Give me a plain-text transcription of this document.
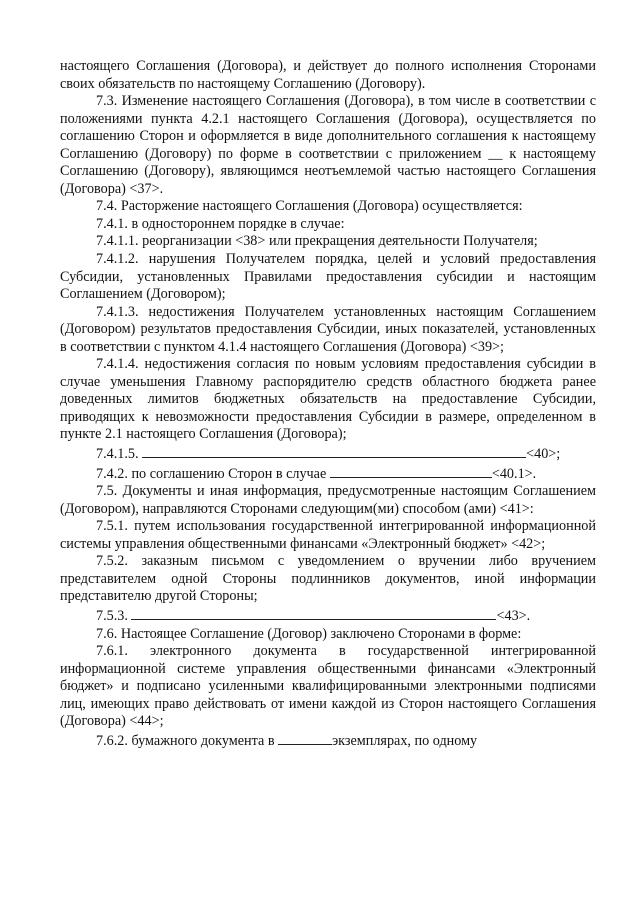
настоящего Соглашения (Договора), и действует до полного исполнения Сторонами своих обязательств по настоящему Соглашению (Договору).

7.3. Изменение настоящего Соглашения (Договора), в том числе в соответствии с положениями пункта 4.2.1 настоящего Соглашения (Договора), осуществляется по соглашению Сторон и оформляется в виде дополнительного соглашения к настоящему Соглашению (Договору) по форме в соответствии с приложением __ к настоящему Соглашению (Договору), являющимся неотъемлемой частью настоящего Соглашения (Договора) <37>.

7.4. Расторжение настоящего Соглашения (Договора) осуществляется:

7.4.1. в одностороннем порядке в случае:

7.4.1.1. реорганизации <38> или прекращения деятельности Получателя;

7.4.1.2. нарушения Получателем порядка, целей и условий предоставления Субсидии, установленных Правилами предоставления субсидии и настоящим Соглашением (Договором);

7.4.1.3. недостижения Получателем установленных настоящим Соглашением (Договором) результатов предоставления Субсидии, иных показателей, установленных в соответствии с пунктом 4.1.4 настоящего Соглашения (Договора) <39>;

7.4.1.4. недостижения согласия по новым условиям предоставления субсидии в случае уменьшения Главному распорядителю средств областного бюджета ранее доведенных лимитов бюджетных обязательств на предоставление Субсидии, приводящих к невозможности предоставления Субсидии в размере, определенном в пункте 2.1 настоящего Соглашения (Договора);

7.4.1.5.	<40>;

7.4.2. по соглашению Сторон в случае	<40.1>.

7.5. Документы и иная информация, предусмотренные настоящим Соглашением (Договором), направляются Сторонами следующим(ми) способом (ами) <41>:

7.5.1. путем использования государственной интегрированной информационной системы управления общественными финансами «Электронный бюджет» <42>;

7.5.2. заказным письмом с уведомлением о вручении либо вручением представителем одной Стороны подлинников документов, иной информации представителю другой Стороны;

7.5.3.	<43>.

7.6. Настоящее Соглашение (Договор) заключено Сторонами в форме:

7.6.1. электронного документа в государственной интегрированной информационной системе управления общественными финансами «Электронный бюджет» и подписано усиленными квалифицированными электронными подписями лиц, имеющих право действовать от имени каждой из Сторон настоящего Соглашения (Договора) <44>;

7.6.2. бумажного документа в	экземплярах, по одному
